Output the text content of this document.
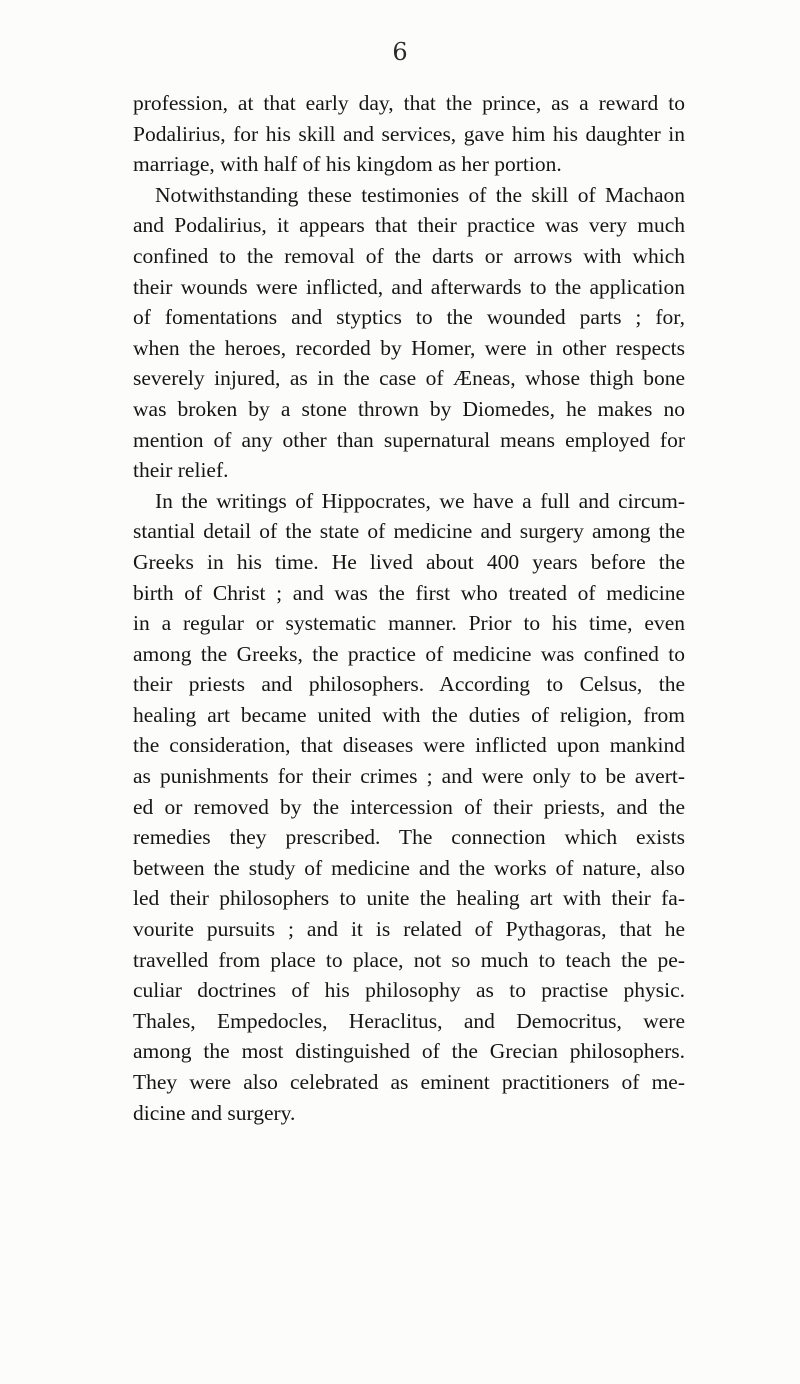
6
profession, at that early day, that the prince, as a reward to
Podalirius, for his skill and services, gave him his daughter in
marriage, with half of his kingdom as her portion.
Notwithstanding these testimonies of the skill of Machaon
and Podalirius, it appears that their practice was very much
confined to the removal of the darts or arrows with which
their wounds were inflicted, and afterwards to the application
of fomentations and styptics to the wounded parts ; for,
when the heroes, recorded by Homer, were in other respects
severely injured, as in the case of Æneas, whose thigh bone
was broken by a stone thrown by Diomedes, he makes no
mention of any other than supernatural means employed for
their relief.
In the writings of Hippocrates, we have a full and circum-
stantial detail of the state of medicine and surgery among the
Greeks in his time. He lived about 400 years before the
birth of Christ ; and was the first who treated of medicine
in a regular or systematic manner. Prior to his time, even
among the Greeks, the practice of medicine was confined to
their priests and philosophers. According to Celsus, the
healing art became united with the duties of religion, from
the consideration, that diseases were inflicted upon mankind
as punishments for their crimes ; and were only to be avert-
ed or removed by the intercession of their priests, and the
remedies they prescribed. The connection which exists
between the study of medicine and the works of nature, also
led their philosophers to unite the healing art with their fa-
vourite pursuits ; and it is related of Pythagoras, that he
travelled from place to place, not so much to teach the pe-
culiar doctrines of his philosophy as to practise physic.
Thales, Empedocles, Heraclitus, and Democritus, were
among the most distinguished of the Grecian philosophers.
They were also celebrated as eminent practitioners of me-
dicine and surgery.
